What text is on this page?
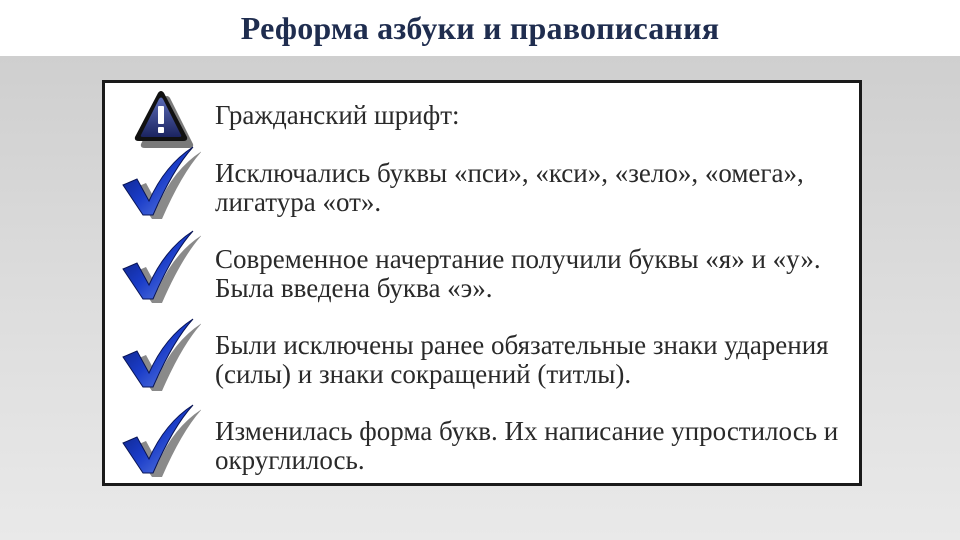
Реформа азбуки и правописания
Гражданский шрифт:
Исключались буквы «пси», «кси», «зело», «омега», лигатура «от».
Современное начертание получили буквы «я» и «у». Была введена буква «э».
Были исключены ранее обязательные знаки ударения (силы) и знаки сокращений (титлы).
Изменилась форма букв. Их написание упростилось и округлилось.
